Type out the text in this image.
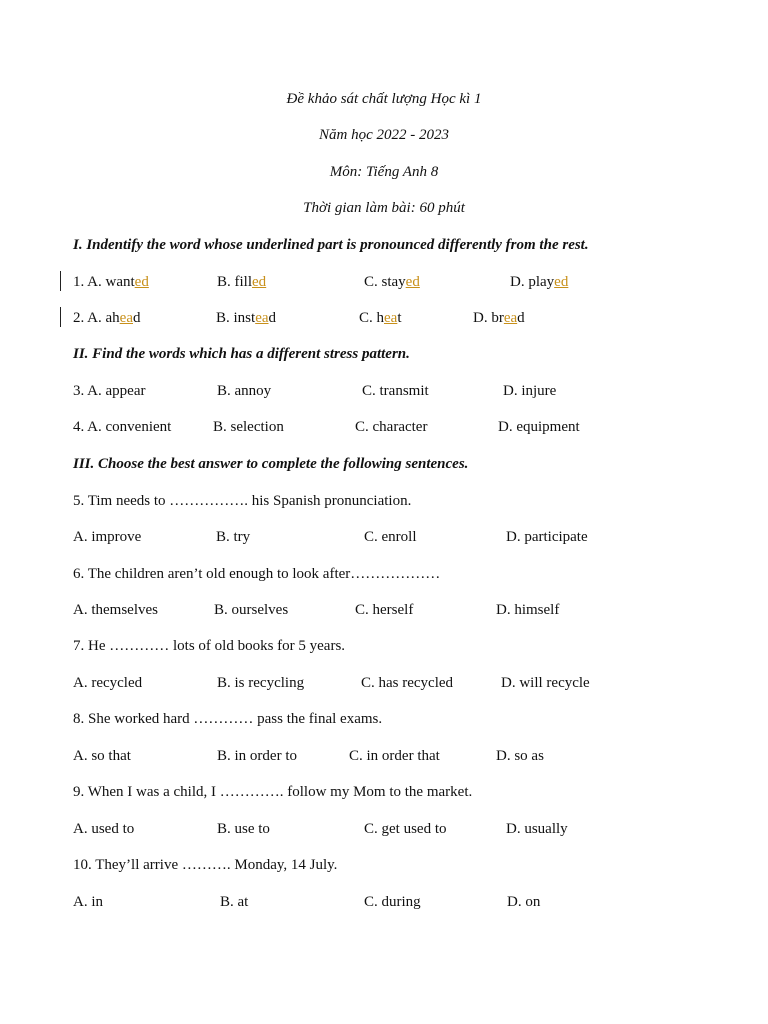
Đề khảo sát chất lượng Học kì 1
Năm học 2022 - 2023
Môn: Tiếng Anh 8
Thời gian làm bài: 60 phút
I. Indentify the word whose underlined part is pronounced differently from the rest.
1. A. wanted	B. filled	C. stayed	D. played
2. A. ahead	B. instead	C. heat	D. bread
II. Find the words which has a different stress pattern.
3. A. appear	B. annoy	C. transmit	D. injure
4. A. convenient	B. selection	C. character	D. equipment
III. Choose the best answer to complete the following sentences.
5. Tim needs to ……………. his Spanish pronunciation.
A. improve	B. try	C. enroll	D. participate
6. The children aren’t old enough to look after………………
A. themselves	B. ourselves	C. herself	D. himself
7. He ………… lots of old books for 5 years.
A. recycled	B. is recycling	C. has recycled	D. will recycle
8. She worked hard ………… pass the final exams.
A. so that	B. in order to	C. in order that	D. so as
9. When I was a child, I …………. follow my Mom to the market.
A. used to	B. use to	C. get used to	D. usually
10. They’ll arrive ………. Monday, 14 July.
A. in	B. at	C. during	D. on
